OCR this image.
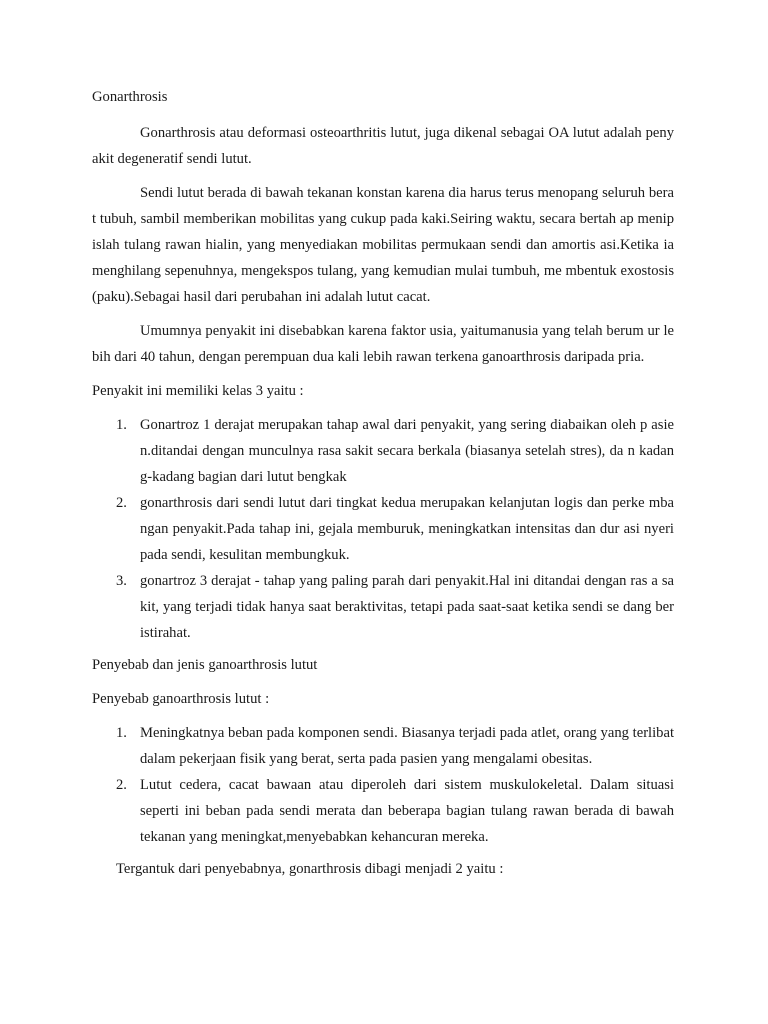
Gonarthrosis

Gonarthrosis atau deformasi osteoarthritis lutut, juga dikenal sebagai OA lutut adalah penyakit degeneratif sendi lutut.

Sendi lutut berada di bawah tekanan konstan karena dia harus terus menopang seluruh berat tubuh, sambil memberikan mobilitas yang cukup pada kaki.Seiring waktu, secara bertah ap menipislah tulang rawan hialin, yang menyediakan mobilitas permukaan sendi dan amortis asi.Ketika ia menghilang sepenuhnya, mengekspos tulang, yang kemudian mulai tumbuh, me mbentuk exostosis (paku).Sebagai hasil dari perubahan ini adalah lutut cacat.

Umumnya penyakit ini disebabkan karena faktor usia, yaitumanusia yang telah berum ur lebih dari 40 tahun, dengan perempuan dua kali lebih rawan terkena ganoarthrosis daripada pria.

Penyakit ini memiliki kelas 3 yaitu :

1. Gonartroz 1 derajat merupakan tahap awal dari penyakit, yang sering diabaikan oleh p asien.ditandai dengan munculnya rasa sakit secara berkala (biasanya setelah stres), da n kadang-kadang bagian dari lutut bengkak
2. gonarthrosis dari sendi lutut dari tingkat kedua merupakan kelanjutan logis dan perke mbangan penyakit.Pada tahap ini, gejala memburuk, meningkatkan intensitas dan dur asi nyeri pada sendi, kesulitan membungkuk.
3. gonartroz 3 derajat - tahap yang paling parah dari penyakit.Hal ini ditandai dengan ras a sakit, yang terjadi tidak hanya saat beraktivitas, tetapi pada saat-saat ketika sendi se dang beristirahat.

Penyebab dan jenis ganoarthrosis lutut

Penyebab ganoarthrosis lutut :

1. Meningkatnya beban pada komponen sendi. Biasanya terjadi pada atlet, orang yang terlibat dalam pekerjaan fisik yang berat, serta pada pasien yang mengalami obesitas.
2. Lutut cedera, cacat bawaan atau diperoleh dari sistem muskulokeletal. Dalam situasi seperti ini beban pada sendi merata dan beberapa bagian tulang rawan berada di bawah tekanan yang meningkat,menyebabkan kehancuran mereka.

Tergantuk dari penyebabnya, gonarthrosis dibagi menjadi 2 yaitu :
